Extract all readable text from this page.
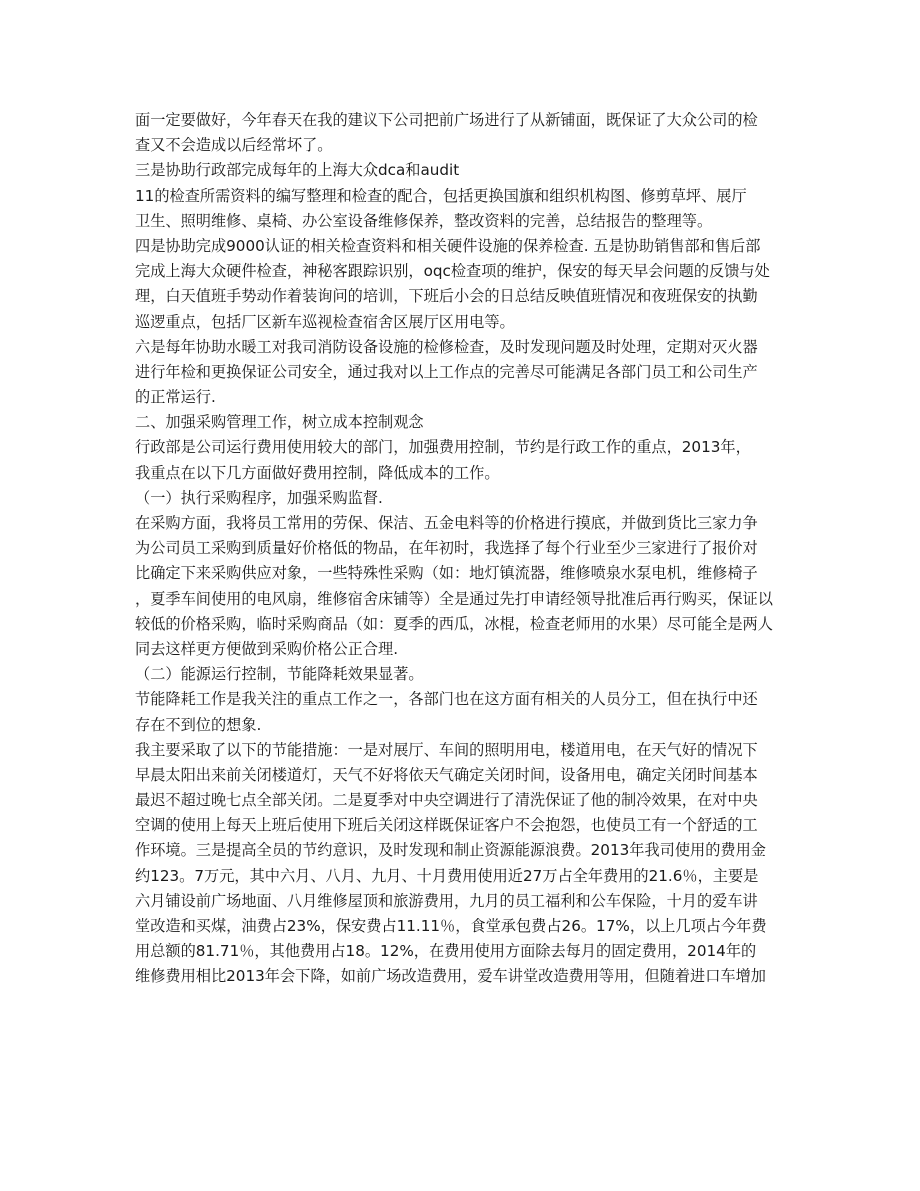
面一定要做好，今年春天在我的建议下公司把前广场进行了从新铺面，既保证了大众公司的检
查又不会造成以后经常坏了。
三是协助行政部完成每年的上海大众dca和audit
11的检查所需资料的编写整理和检查的配合，包括更换国旗和组织机构图、修剪草坪、展厅
卫生、照明维修、桌椅、办公室设备维修保养，整改资料的完善，总结报告的整理等。
四是协助完成9000认证的相关检查资料和相关硬件设施的保养检查. 五是协助销售部和售后部
完成上海大众硬件检查，神秘客跟踪识别，oqc检查项的维护，保安的每天早会问题的反馈与处
理，白天值班手势动作着装询问的培训，下班后小会的日总结反映值班情况和夜班保安的执勤
巡逻重点，包括厂区新车巡视检查宿舍区展厅区用电等。
六是每年协助水暖工对我司消防设备设施的检修检查，及时发现问题及时处理，定期对灭火器
进行年检和更换保证公司安全，通过我对以上工作点的完善尽可能满足各部门员工和公司生产
的正常运行.
二、加强采购管理工作，树立成本控制观念
行政部是公司运行费用使用较大的部门，加强费用控制，节约是行政工作的重点，2013年，
我重点在以下几方面做好费用控制，降低成本的工作。
（一）执行采购程序，加强采购监督.
在采购方面，我将员工常用的劳保、保洁、五金电料等的价格进行摸底，并做到货比三家力争
为公司员工采购到质量好价格低的物品，在年初时，我选择了每个行业至少三家进行了报价对
比确定下来采购供应对象，一些特殊性采购（如：地灯镇流器，维修喷泉水泵电机，维修椅子
，夏季车间使用的电风扇，维修宿舍床铺等）全是通过先打申请经领导批准后再行购买，保证以
较低的价格采购，临时采购商品（如：夏季的西瓜，冰棍，检查老师用的水果）尽可能全是两人
同去这样更方便做到采购价格公正合理.
（二）能源运行控制，节能降耗效果显著。
节能降耗工作是我关注的重点工作之一，各部门也在这方面有相关的人员分工，但在执行中还
存在不到位的想象.
我主要采取了以下的节能措施：一是对展厅、车间的照明用电，楼道用电，在天气好的情况下
早晨太阳出来前关闭楼道灯，天气不好将依天气确定关闭时间，设备用电，确定关闭时间基本
最迟不超过晚七点全部关闭。二是夏季对中央空调进行了清洗保证了他的制冷效果，在对中央
空调的使用上每天上班后使用下班后关闭这样既保证客户不会抱怨，也使员工有一个舒适的工
作环境。三是提高全员的节约意识，及时发现和制止资源能源浪费。2013年我司使用的费用金
约123。7万元，其中六月、八月、九月、十月费用使用近27万占全年费用的21.6％，主要是
六月铺设前广场地面、八月维修屋顶和旅游费用，九月的员工福利和公车保险，十月的爱车讲
堂改造和买煤，油费占23%，保安费占11.11％，食堂承包费占26。17%，以上几项占今年费
用总额的81.71％，其他费用占18。12%，在费用使用方面除去每月的固定费用，2014年的
维修费用相比2013年会下降，如前广场改造费用，爱车讲堂改造费用等用，但随着进口车增加
